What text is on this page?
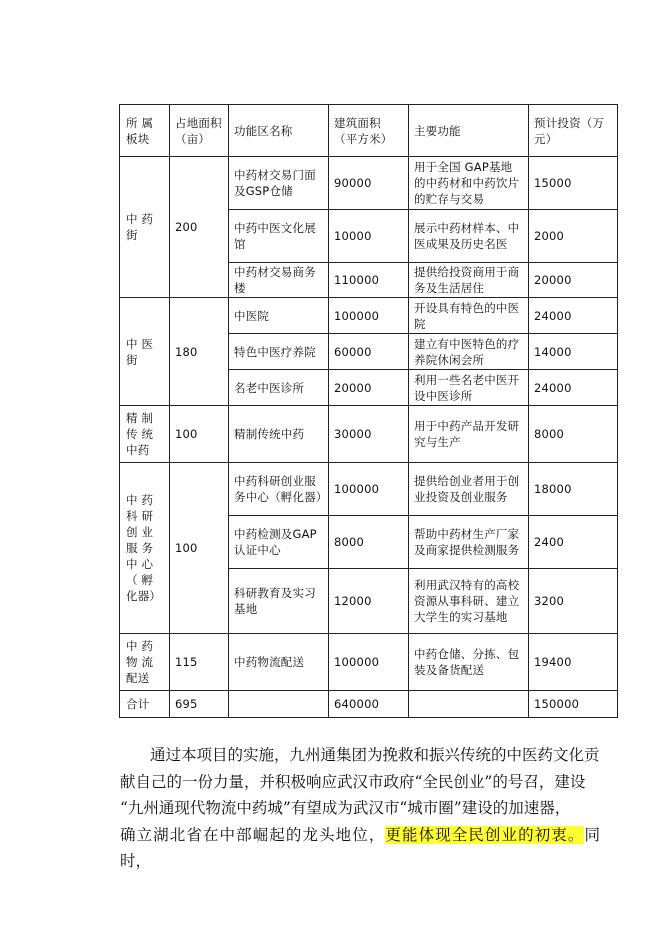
所 属板块	占地面积（亩）	功能区名称	建筑面积（平方米）	主要功能	预计投资（万元）
中 药街	200	中药材交易门面及GSP仓储	90000	用于全国 GAP基地的中药材和中药饮片的贮存与交易	15000
		中药中医文化展馆	10000	展示中药材样本、中医成果及历史名医	2000
		中药材交易商务楼	110000	提供给投资商用于商务及生活居住	20000
中 医街	180	中医院	100000	开设具有特色的中医院	24000
		特色中医疗养院	60000	建立有中医特色的疗养院休闲会所	14000
		名老中医诊所	20000	利用一些名老中医开设中医诊所	24000
精 制传 统中药	100	精制传统中药	30000	用于中药产品开发研究与生产	8000
中 药科 研创 业服 务中 心（ 孵化器）	100	中药科研创业服务中心（孵化器）	100000	提供给创业者用于创业投资及创业服务	18000
		中药检测及GAP认证中心	8000	帮助中药材生产厂家及商家提供检测服务	2400
		科研教育及实习基地	12000	利用武汉特有的高校资源从事科研、建立大学生的实习基地	3200
中 药物 流配送	115	中药物流配送	100000	中药仓储、分拣、包装及备货配送	19400
合计	695		640000		150000
通过本项目的实施，九州通集团为挽救和振兴传统的中医药文化贡
献自己的一份力量，并积极响应武汉市政府“全民创业”的号召，建设
“九州通现代物流中药城”有望成为武汉市“城市圈”建设的加速器，
确立湖北省在中部崛起的龙头地位，更能体现全民创业的初衷。同 时，
